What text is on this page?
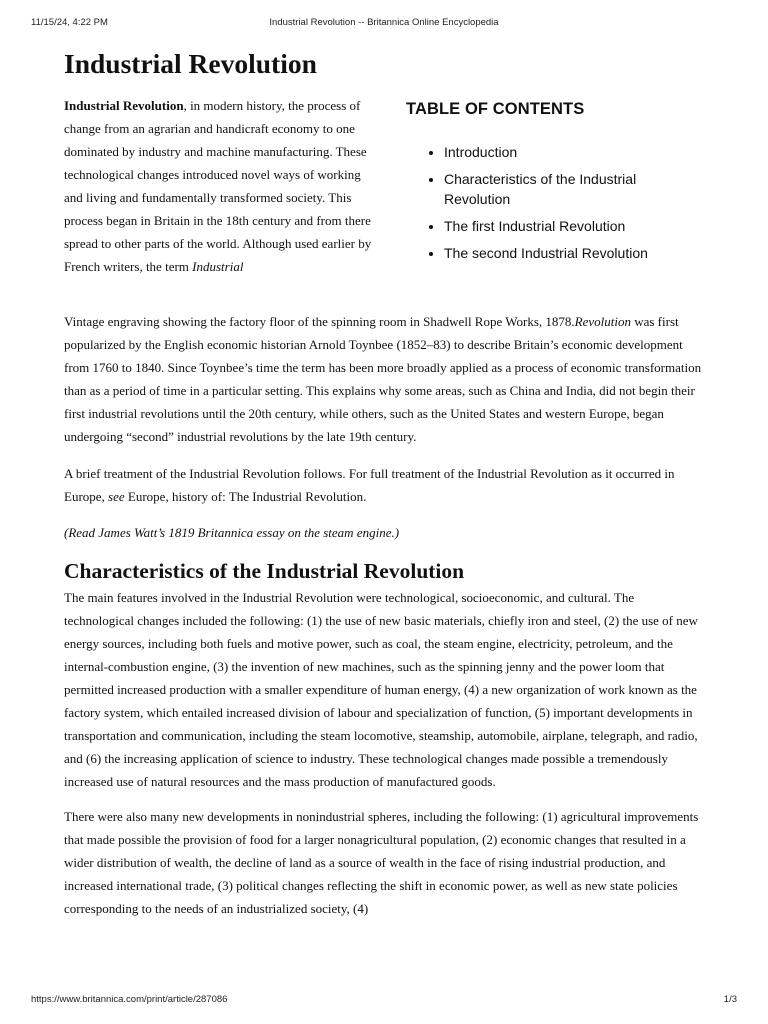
11/15/24, 4:22 PM	Industrial Revolution -- Britannica Online Encyclopedia
Industrial Revolution

Industrial Revolution, in modern history, the process of change from an agrarian and handicraft economy to one dominated by industry and machine manufacturing. These technological changes introduced novel ways of working and living and fundamentally transformed society. This process began in Britain in the 18th century and from there spread to other parts of the world. Although used earlier by French writers, the term Industrial

TABLE OF CONTENTS
• Introduction
• Characteristics of the Industrial Revolution
• The first Industrial Revolution
• The second Industrial Revolution

Vintage engraving showing the factory floor of the spinning room in Shadwell Rope Works, 1878.Revolution was first popularized by the English economic historian Arnold Toynbee (1852–83) to describe Britain’s economic development from 1760 to 1840. Since Toynbee’s time the term has been more broadly applied as a process of economic transformation than as a period of time in a particular setting. This explains why some areas, such as China and India, did not begin their first industrial revolutions until the 20th century, while others, such as the United States and western Europe, began undergoing “second” industrial revolutions by the late 19th century.

A brief treatment of the Industrial Revolution follows. For full treatment of the Industrial Revolution as it occurred in Europe, see Europe, history of: The Industrial Revolution.

(Read James Watt’s 1819 Britannica essay on the steam engine.)

Characteristics of the Industrial Revolution

The main features involved in the Industrial Revolution were technological, socioeconomic, and cultural. The technological changes included the following: (1) the use of new basic materials, chiefly iron and steel, (2) the use of new energy sources, including both fuels and motive power, such as coal, the steam engine, electricity, petroleum, and the internal-combustion engine, (3) the invention of new machines, such as the spinning jenny and the power loom that permitted increased production with a smaller expenditure of human energy, (4) a new organization of work known as the factory system, which entailed increased division of labour and specialization of function, (5) important developments in transportation and communication, including the steam locomotive, steamship, automobile, airplane, telegraph, and radio, and (6) the increasing application of science to industry. These technological changes made possible a tremendously increased use of natural resources and the mass production of manufactured goods.

There were also many new developments in nonindustrial spheres, including the following: (1) agricultural improvements that made possible the provision of food for a larger nonagricultural population, (2) economic changes that resulted in a wider distribution of wealth, the decline of land as a source of wealth in the face of rising industrial production, and increased international trade, (3) political changes reflecting the shift in economic power, as well as new state policies corresponding to the needs of an industrialized society, (4)

https://www.britannica.com/print/article/287086	1/3
